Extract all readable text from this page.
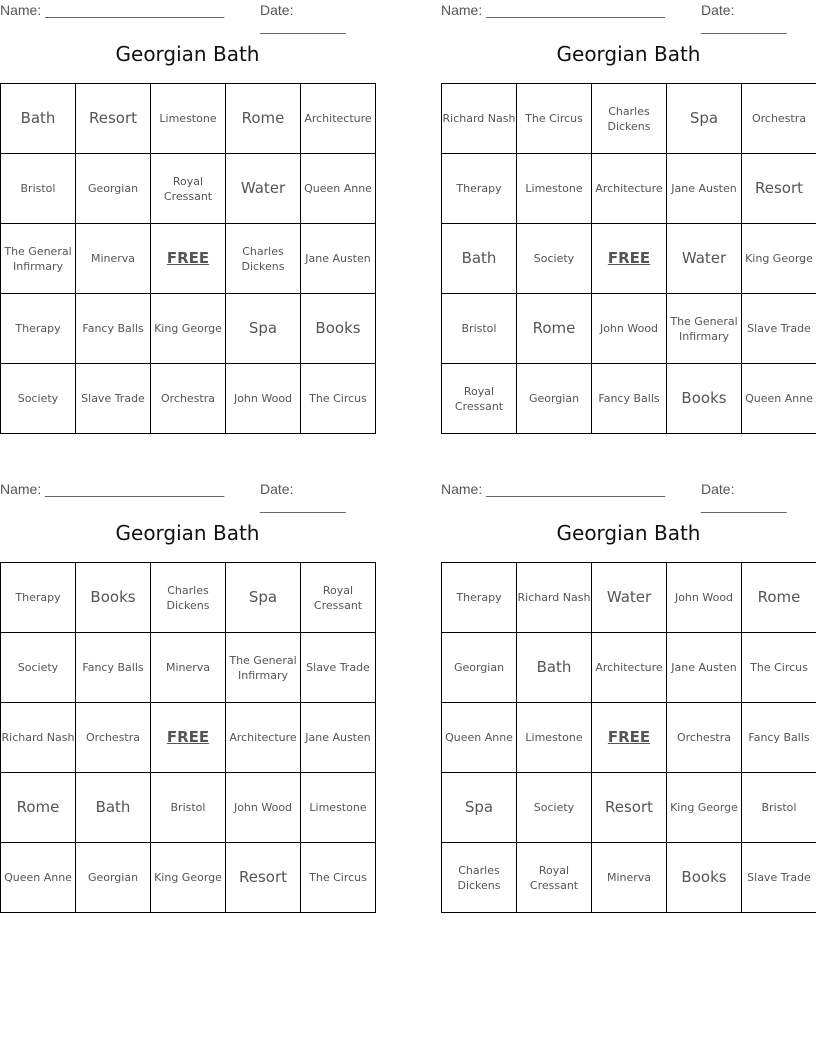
Name: _______________________	Date: ___________
Georgian Bath
Bath	Resort	Limestone	Rome	Architecture
Bristol	Georgian	Royal Cressant	Water	Queen Anne
The General Infirmary	Minerva	FREE	Charles Dickens	Jane Austen
Therapy	Fancy Balls	King George	Spa	Books
Society	Slave Trade	Orchestra	John Wood	The Circus
Name: _______________________	Date: ___________
Georgian Bath
Richard Nash	The Circus	Charles Dickens	Spa	Orchestra
Therapy	Limestone	Architecture	Jane Austen	Resort
Bath	Society	FREE	Water	King George
Bristol	Rome	John Wood	The General Infirmary	Slave Trade
Royal Cressant	Georgian	Fancy Balls	Books	Queen Anne
Name: _______________________	Date: ___________
Georgian Bath
Therapy	Books	Charles Dickens	Spa	Royal Cressant
Society	Fancy Balls	Minerva	The General Infirmary	Slave Trade
Richard Nash	Orchestra	FREE	Architecture	Jane Austen
Rome	Bath	Bristol	John Wood	Limestone
Queen Anne	Georgian	King George	Resort	The Circus
Name: _______________________	Date: ___________
Georgian Bath
Therapy	Richard Nash	Water	John Wood	Rome
Georgian	Bath	Architecture	Jane Austen	The Circus
Queen Anne	Limestone	FREE	Orchestra	Fancy Balls
Spa	Society	Resort	King George	Bristol
Charles Dickens	Royal Cressant	Minerva	Books	Slave Trade
